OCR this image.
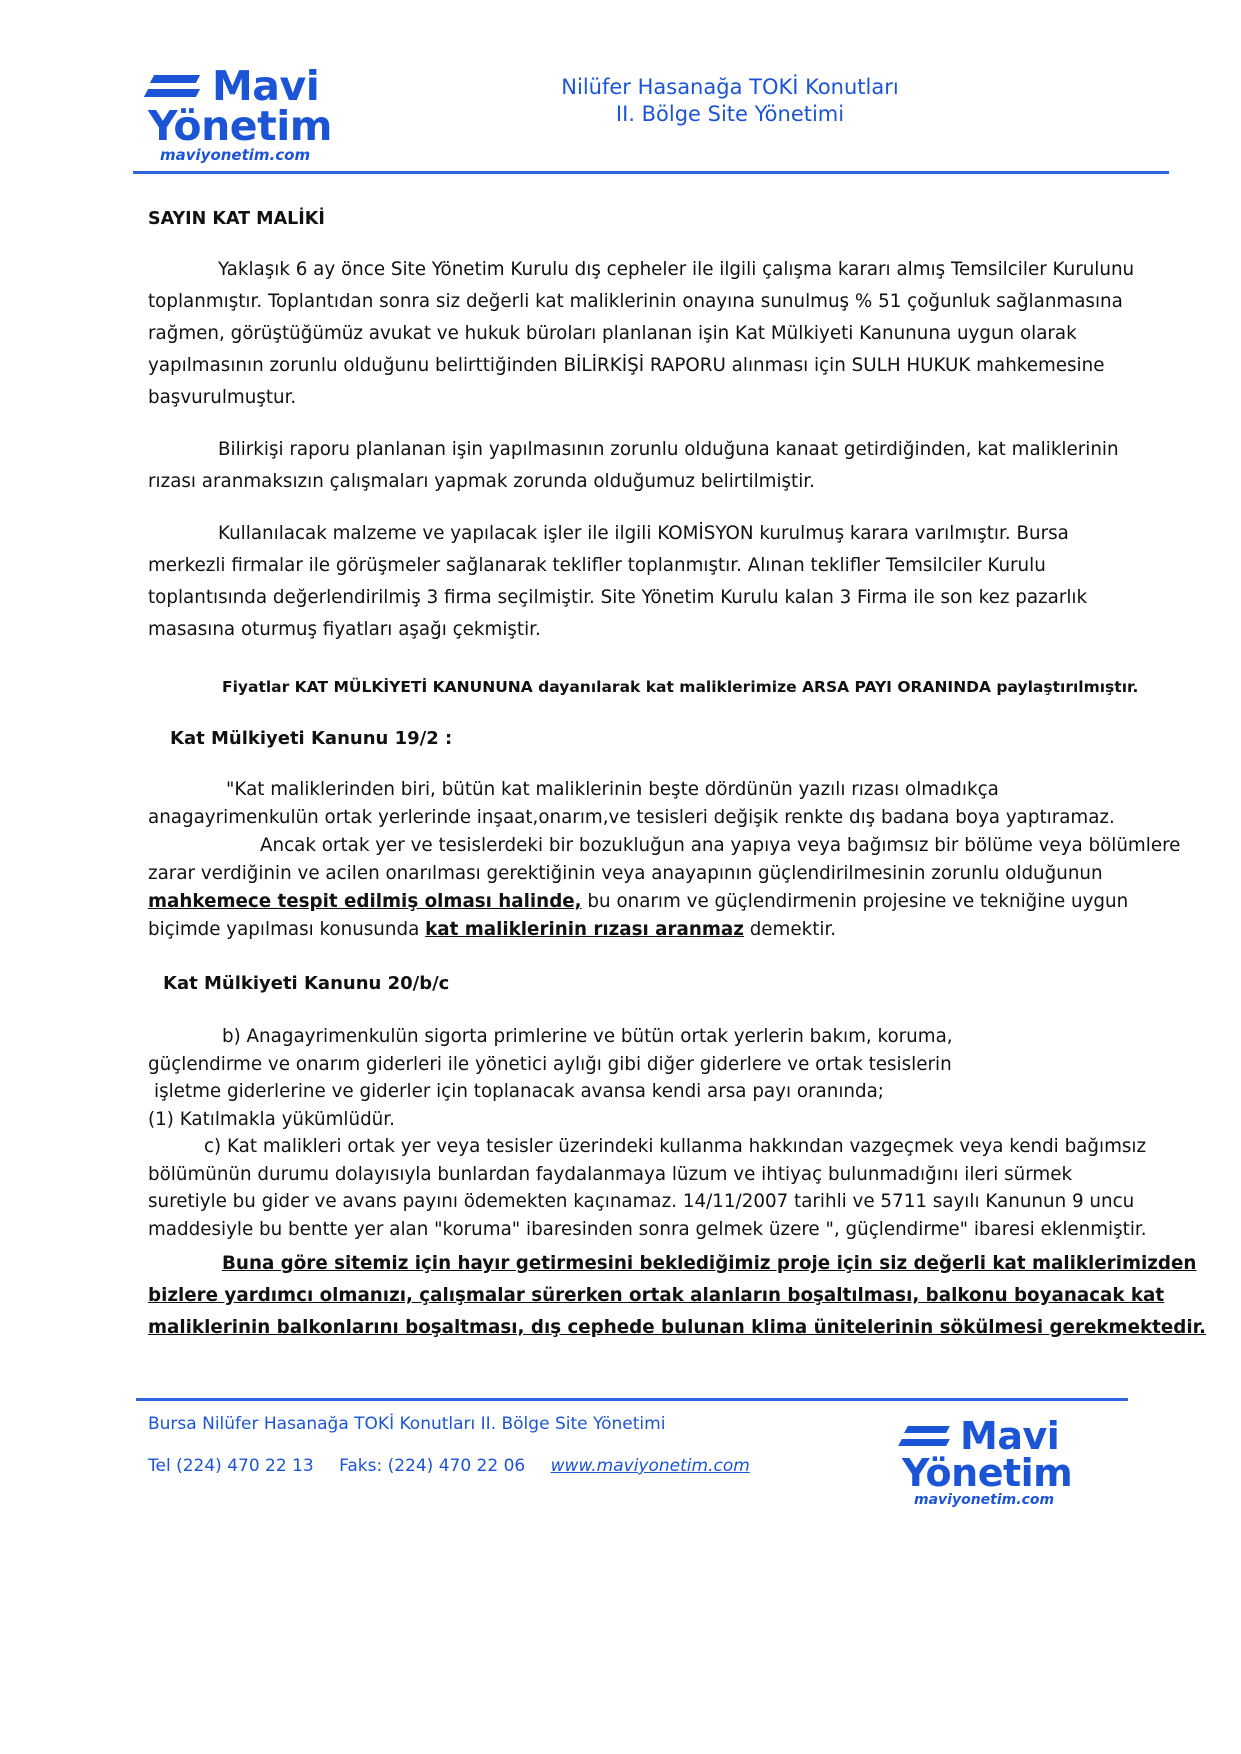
Mavi
Yönetim
maviyonetim.com
Nilüfer Hasanağa TOKİ Konutları
II. Bölge Site Yönetimi
SAYIN KAT MALİKİ
Yaklaşık 6 ay önce Site Yönetim Kurulu dış cepheler ile ilgili çalışma kararı almış Temsilciler Kurulunu
toplanmıştır. Toplantıdan sonra siz değerli kat maliklerinin onayına sunulmuş % 51 çoğunluk sağlanmasına
rağmen, görüştüğümüz avukat ve hukuk büroları planlanan işin Kat Mülkiyeti Kanununa uygun olarak
yapılmasının zorunlu olduğunu belirttiğinden BİLİRKİŞİ RAPORU alınması için SULH HUKUK mahkemesine
başvurulmuştur.
Bilirkişi raporu planlanan işin yapılmasının zorunlu olduğuna kanaat getirdiğinden, kat maliklerinin
rızası aranmaksızın çalışmaları yapmak zorunda olduğumuz belirtilmiştir.
Kullanılacak malzeme ve yapılacak işler ile ilgili KOMİSYON kurulmuş karara varılmıştır. Bursa
merkezli firmalar ile görüşmeler sağlanarak teklifler toplanmıştır. Alınan teklifler Temsilciler Kurulu
toplantısında değerlendirilmiş 3 firma seçilmiştir. Site Yönetim Kurulu kalan 3 Firma ile son kez pazarlık
masasına oturmuş fiyatları aşağı çekmiştir.
Fiyatlar KAT MÜLKİYETİ KANUNUNA dayanılarak kat maliklerimize ARSA PAYI ORANINDA paylaştırılmıştır.
Kat Mülkiyeti Kanunu 19/2 :
"Kat maliklerinden biri, bütün kat maliklerinin beşte dördünün yazılı rızası olmadıkça
anagayrimenkulün ortak yerlerinde inşaat,onarım,ve tesisleri değişik renkte dış badana boya yaptıramaz.
Ancak ortak yer ve tesislerdeki bir bozukluğun ana yapıya veya bağımsız bir bölüme veya bölümlere
zarar verdiğinin ve acilen onarılması gerektiğinin veya anayapının güçlendirilmesinin zorunlu olduğunun
mahkemece tespit edilmiş olması halinde, bu onarım ve güçlendirmenin projesine ve tekniğine uygun
biçimde yapılması konusunda kat maliklerinin rızası aranmaz demektir.
Kat Mülkiyeti Kanunu 20/b/c
b) Anagayrimenkulün sigorta primlerine ve bütün ortak yerlerin bakım, koruma,
güçlendirme ve onarım giderleri ile yönetici aylığı gibi diğer giderlere ve ortak tesislerin
işletme giderlerine ve giderler için toplanacak avansa kendi arsa payı oranında;
(1) Katılmakla yükümlüdür.
c) Kat malikleri ortak yer veya tesisler üzerindeki kullanma hakkından vazgeçmek veya kendi bağımsız
bölümünün durumu dolayısıyla bunlardan faydalanmaya lüzum ve ihtiyaç bulunmadığını ileri sürmek
suretiyle bu gider ve avans payını ödemekten kaçınamaz. 14/11/2007 tarihli ve 5711 sayılı Kanunun 9 uncu
maddesiyle bu bentte yer alan "koruma" ibaresinden sonra gelmek üzere ", güçlendirme" ibaresi eklenmiştir.
Buna göre sitemiz için hayır getirmesini beklediğimiz proje için siz değerli kat maliklerimizden
bizlere yardımcı olmanızı, çalışmalar sürerken ortak alanların boşaltılması, balkonu boyanacak kat
maliklerinin balkonlarını boşaltması, dış cephede bulunan klima ünitelerinin sökülmesi gerekmektedir.
Bursa Nilüfer Hasanağa TOKİ Konutları II. Bölge Site Yönetimi
Tel (224) 470 22 13 Faks: (224) 470 22 06 www.maviyonetim.com
Mavi
Yönetim
maviyonetim.com
